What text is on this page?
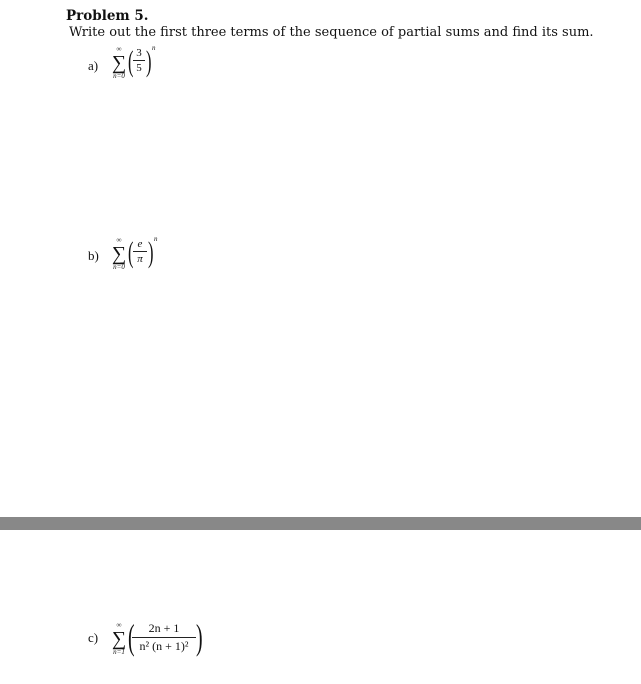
Problem 5.
Write out the first three terms of the sequence of partial sums and find its sum.
a)
∞
∑
n=0 ( 3
5 ) n
b)
∞
∑
n=0 ( e
π ) n
c)
∞
∑
n=1 (	2n + 1
n² (n + 1)² )
